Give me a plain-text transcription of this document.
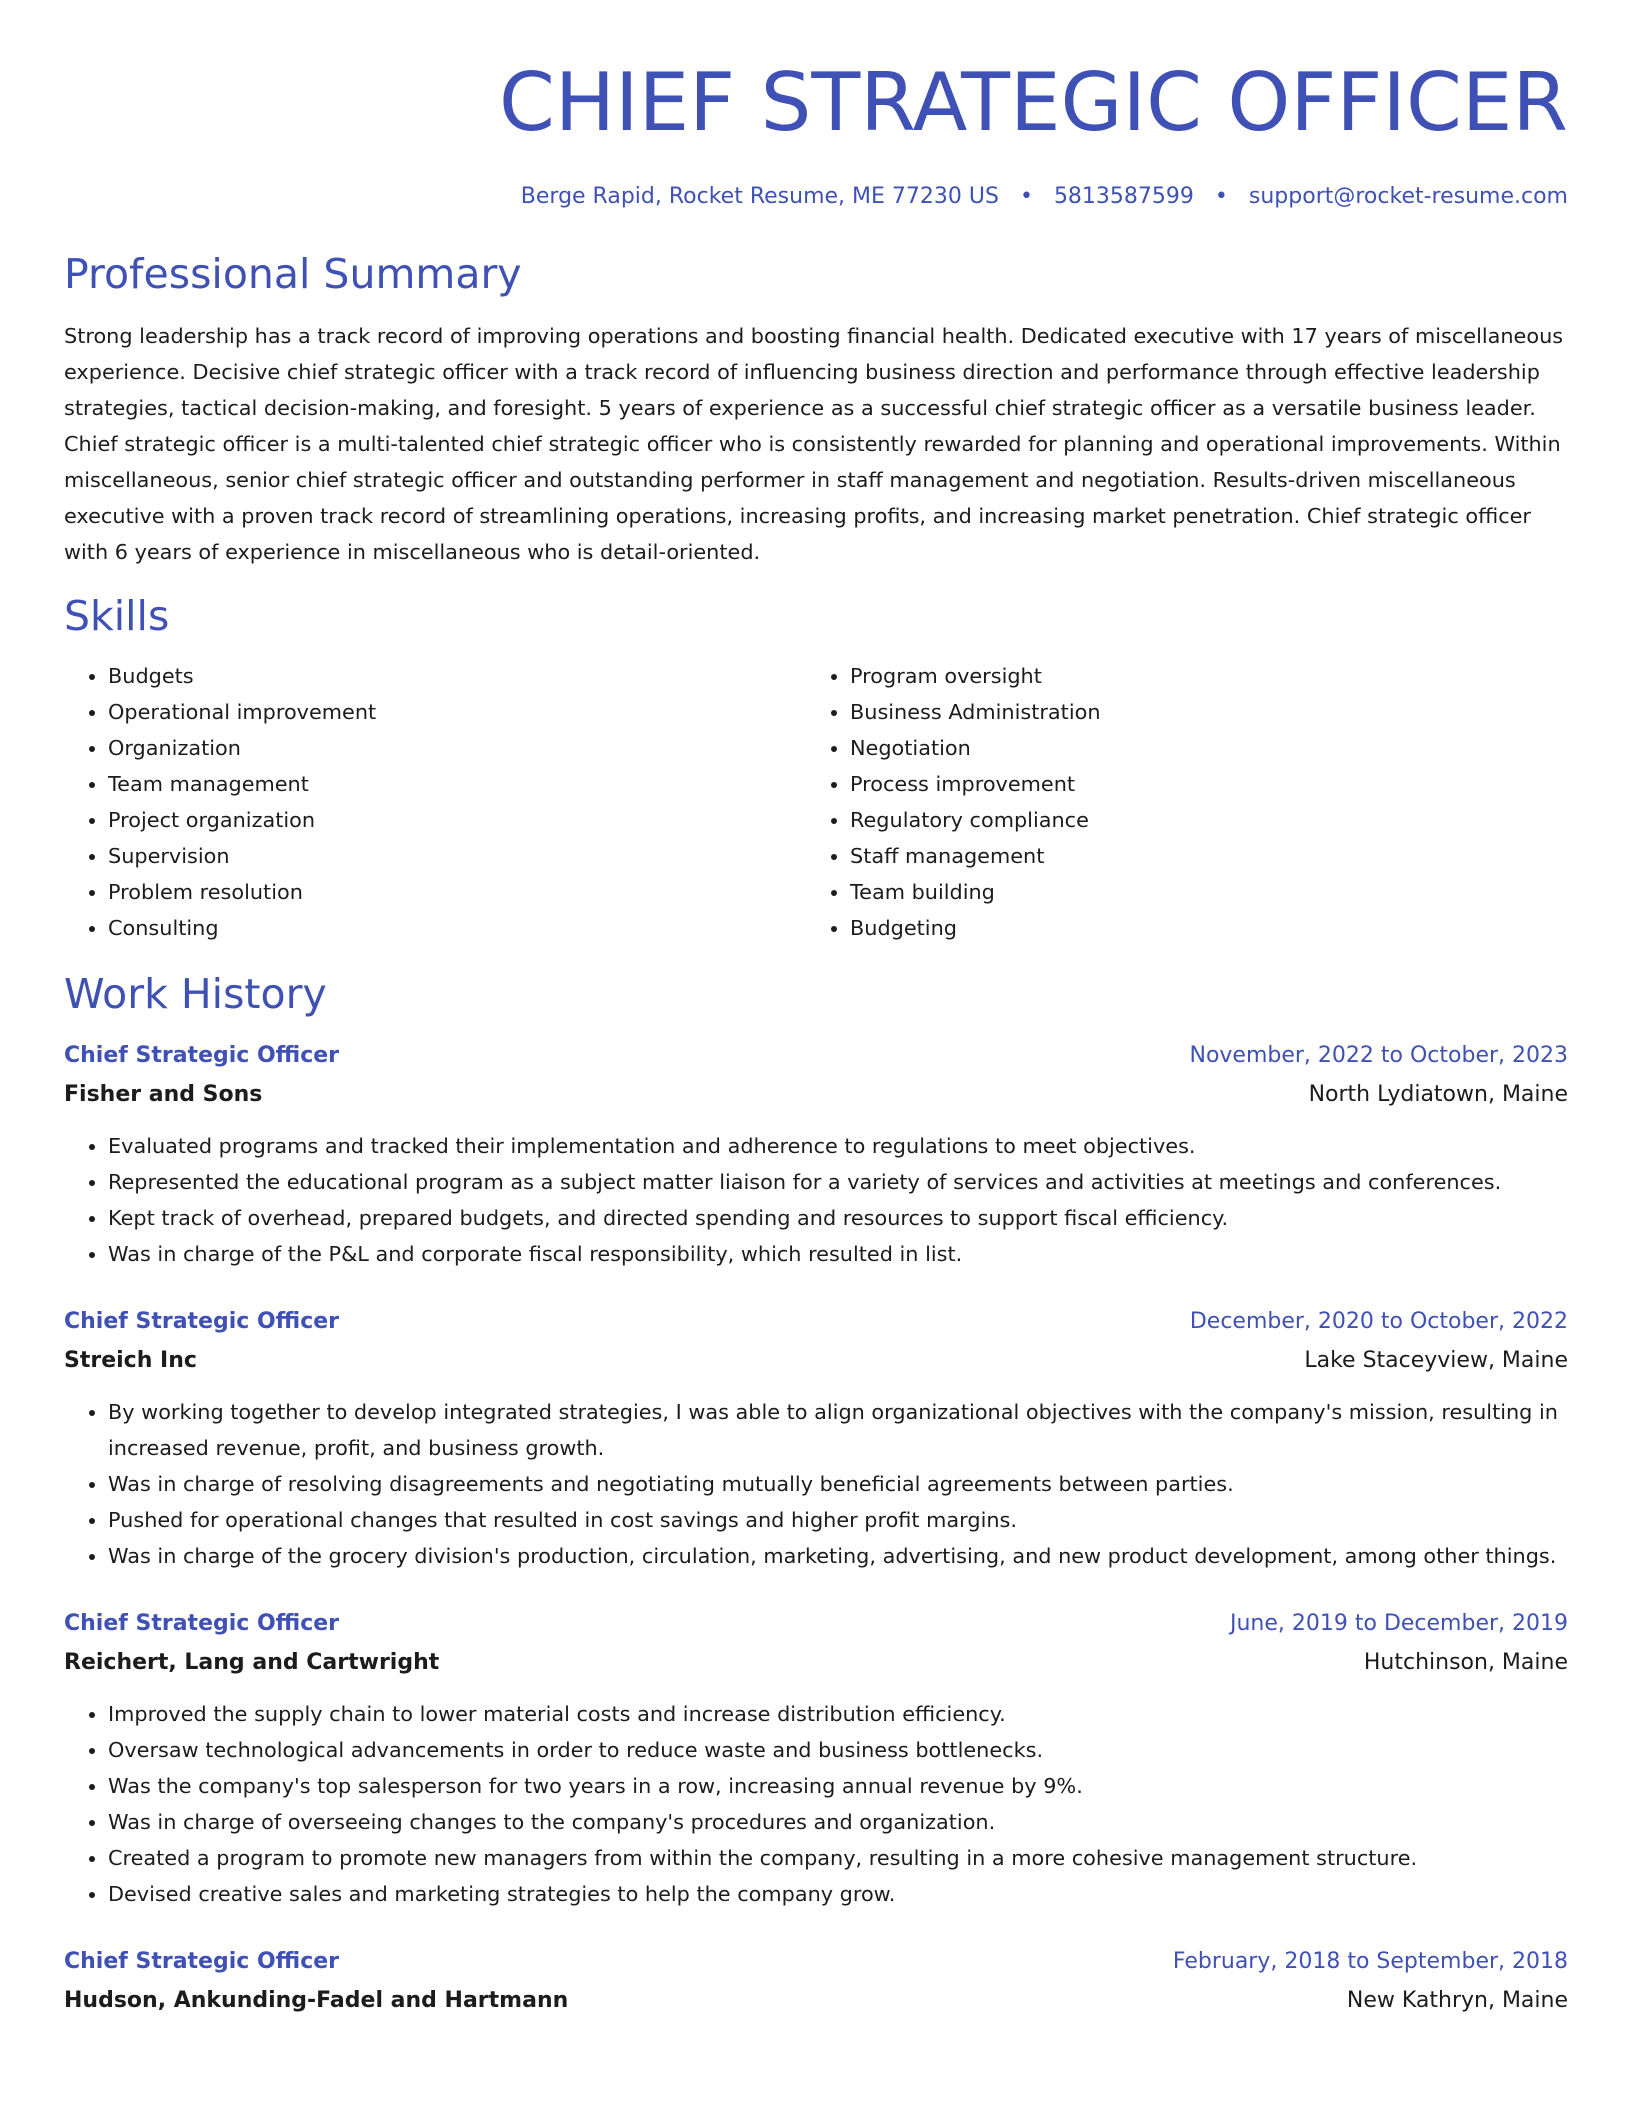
CHIEF STRATEGIC OFFICER
Berge Rapid, Rocket Resume, ME 77230 US • 5813587599 • support@rocket-resume.com
Professional Summary

Strong leadership has a track record of improving operations and boosting financial health. Dedicated executive with 17 years of miscellaneous experience. Decisive chief strategic officer with a track record of influencing business direction and performance through effective leadership strategies, tactical decision-making, and foresight. 5 years of experience as a successful chief strategic officer as a versatile business leader. Chief strategic officer is a multi-talented chief strategic officer who is consistently rewarded for planning and operational improvements. Within miscellaneous, senior chief strategic officer and outstanding performer in staff management and negotiation. Results-driven miscellaneous executive with a proven track record of streamlining operations, increasing profits, and increasing market penetration. Chief strategic officer with 6 years of experience in miscellaneous who is detail-oriented.

Skills
• Budgets
• Operational improvement
• Organization
• Team management
• Project organization
• Supervision
• Problem resolution
• Consulting
• Program oversight
• Business Administration
• Negotiation
• Process improvement
• Regulatory compliance
• Staff management
• Team building
• Budgeting
Work History
Chief Strategic Officer	November, 2022 to October, 2023
Fisher and Sons	North Lydiatown, Maine
• Evaluated programs and tracked their implementation and adherence to regulations to meet objectives.
• Represented the educational program as a subject matter liaison for a variety of services and activities at meetings and conferences.
• Kept track of overhead, prepared budgets, and directed spending and resources to support fiscal efficiency.
• Was in charge of the P&L and corporate fiscal responsibility, which resulted in list.
Chief Strategic Officer	December, 2020 to October, 2022
Streich Inc	Lake Staceyview, Maine
• By working together to develop integrated strategies, I was able to align organizational objectives with the company's mission, resulting in increased revenue, profit, and business growth.
• Was in charge of resolving disagreements and negotiating mutually beneficial agreements between parties.
• Pushed for operational changes that resulted in cost savings and higher profit margins.
• Was in charge of the grocery division's production, circulation, marketing, advertising, and new product development, among other things.
Chief Strategic Officer	June, 2019 to December, 2019
Reichert, Lang and Cartwright	Hutchinson, Maine
• Improved the supply chain to lower material costs and increase distribution efficiency.
• Oversaw technological advancements in order to reduce waste and business bottlenecks.
• Was the company's top salesperson for two years in a row, increasing annual revenue by 9%.
• Was in charge of overseeing changes to the company's procedures and organization.
• Created a program to promote new managers from within the company, resulting in a more cohesive management structure.
• Devised creative sales and marketing strategies to help the company grow.
Chief Strategic Officer	February, 2018 to September, 2018
Hudson, Ankunding-Fadel and Hartmann	New Kathryn, Maine
